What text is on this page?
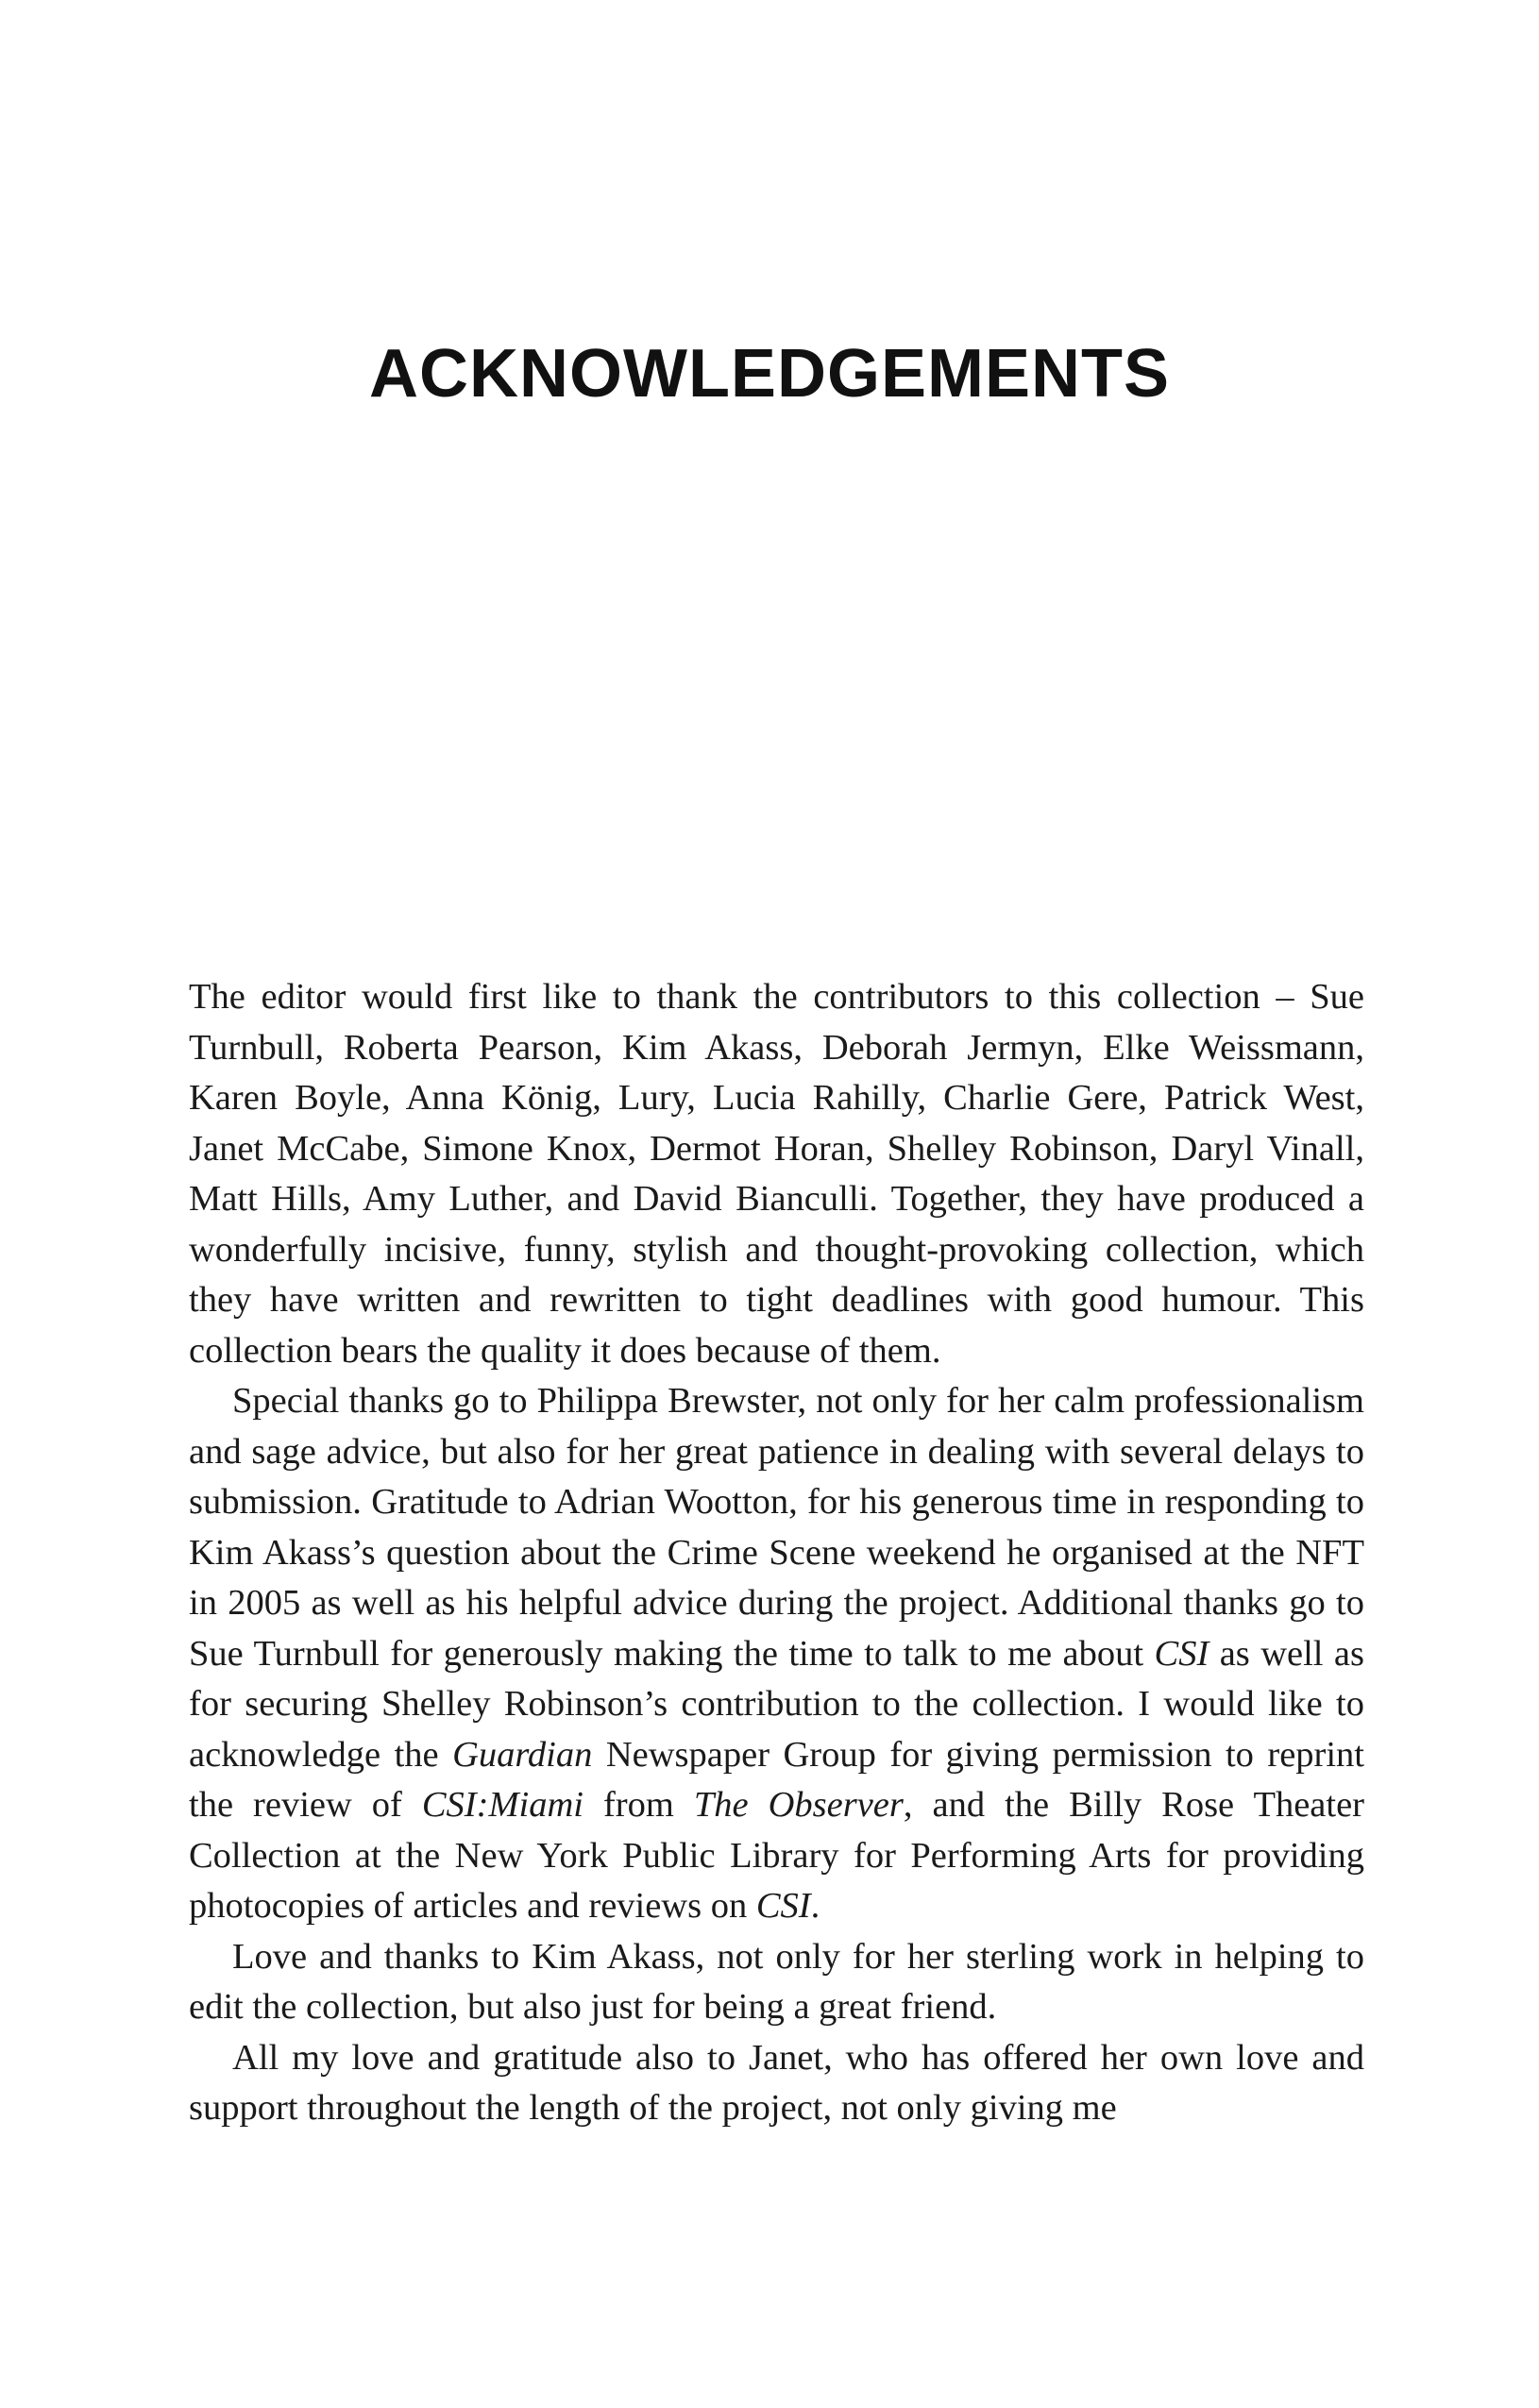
ACKNOWLEDGEMENTS

The editor would first like to thank the contributors to this collection – Sue Turnbull, Roberta Pearson, Kim Akass, Deborah Jermyn, Elke Weissmann, Karen Boyle, Anna König, Lury, Lucia Rahilly, Charlie Gere, Patrick West, Janet McCabe, Simone Knox, Dermot Horan, Shelley Robinson, Daryl Vinall, Matt Hills, Amy Luther, and David Bianculli. Together, they have produced a wonderfully incisive, funny, stylish and thought-provoking collection, which they have written and rewritten to tight deadlines with good humour. This collection bears the quality it does because of them.

Special thanks go to Philippa Brewster, not only for her calm professionalism and sage advice, but also for her great patience in dealing with several delays to submission. Gratitude to Adrian Wootton, for his generous time in responding to Kim Akass’s question about the Crime Scene weekend he organised at the NFT in 2005 as well as his helpful advice during the project. Additional thanks go to Sue Turnbull for generously making the time to talk to me about CSI as well as for securing Shelley Robinson’s contribution to the collection. I would like to acknowledge the Guardian Newspaper Group for giving permission to reprint the review of CSI:Miami from The Observer, and the Billy Rose Theater Collection at the New York Public Library for Performing Arts for providing photocopies of articles and reviews on CSI.

Love and thanks to Kim Akass, not only for her sterling work in helping to edit the collection, but also just for being a great friend.

All my love and gratitude also to Janet, who has offered her own love and support throughout the length of the project, not only giving me
